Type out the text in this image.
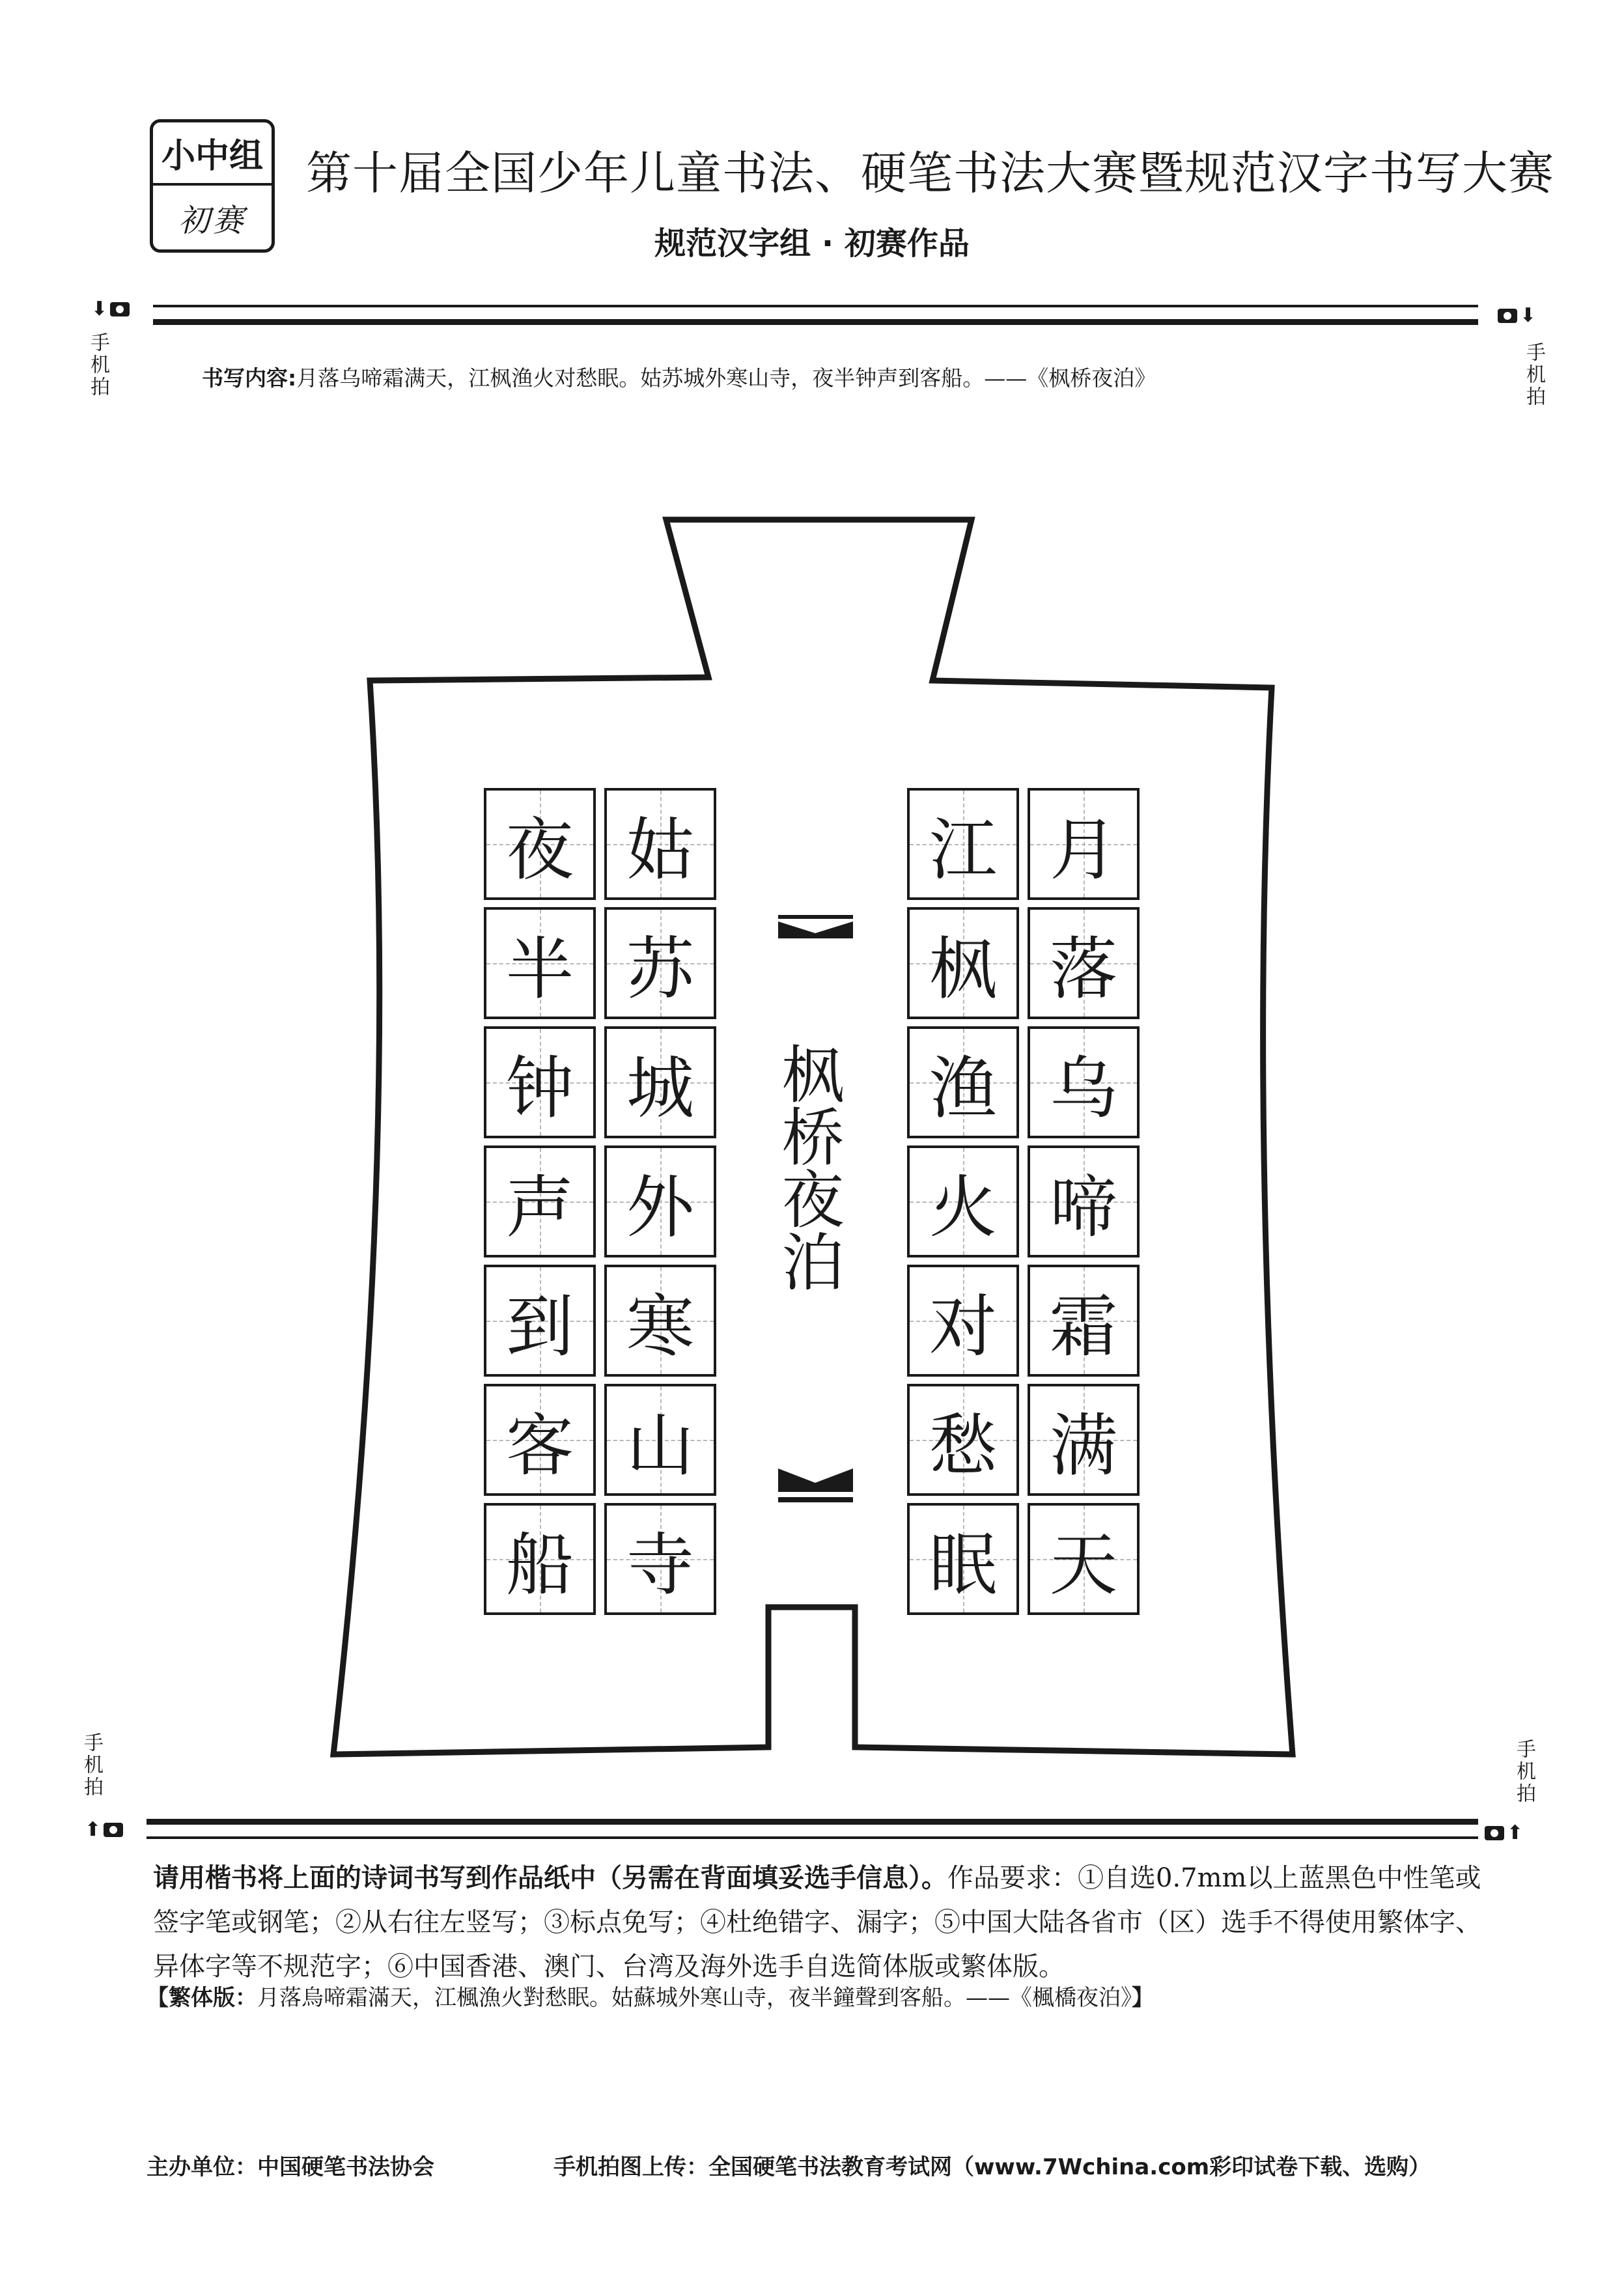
小中组
初赛
第十届全国少年儿童书法、硬笔书法大赛暨规范汉字书写大赛
规范汉字组 · 初赛作品
⬇
手机拍
⬇
手机拍
书写内容:月落乌啼霜满天，江枫渔火对愁眠。姑苏城外寒山寺，夜半钟声到客船。——《枫桥夜泊》
枫桥夜泊
月
落
乌
啼
霜
满
天
江
枫
渔
火
对
愁
眠
姑
苏
城
外
寒
山
寺
夜
半
钟
声
到
客
船
手机拍
⬆
手机拍
⬆
请用楷书将上面的诗词书写到作品纸中（另需在背面填妥选手信息）。作品要求：①自选0.7mm以上蓝黑色中性笔或签字笔或钢笔；②从右往左竖写；③标点免写；④杜绝错字、漏字；⑤中国大陆各省市（区）选手不得使用繁体字、异体字等不规范字；⑥中国香港、澳门、台湾及海外选手自选简体版或繁体版。
【繁体版：月落烏啼霜滿天，江楓漁火對愁眠。姑蘇城外寒山寺，夜半鐘聲到客船。——《楓橋夜泊》】
主办单位：中国硬笔书法协会	手机拍图上传：全国硬笔书法教育考试网（www.7Wchina.com彩印试卷下载、选购）
